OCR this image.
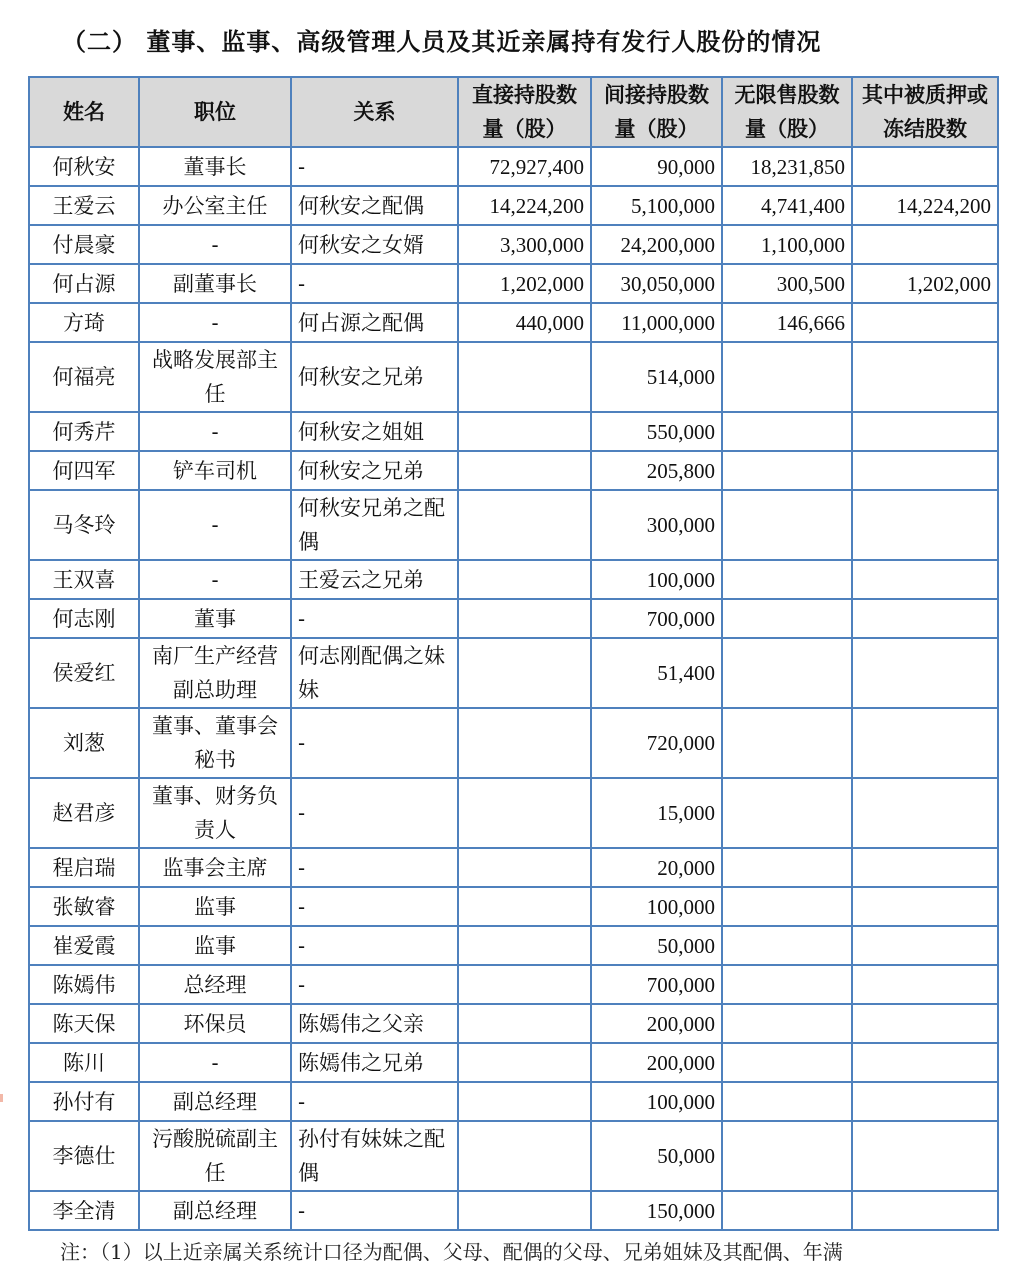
（二） 董事、监事、高级管理人员及其近亲属持有发行人股份的情况
姓名	职位	关系	直接持股数量（股）	间接持股数量（股）	无限售股数量（股）	其中被质押或冻结股数
何秋安	董事长	-	72,927,400	90,000	18,231,850	
王爱云	办公室主任	何秋安之配偶	14,224,200	5,100,000	4,741,400	14,224,200
付晨豪	-	何秋安之女婿	3,300,000	24,200,000	1,100,000	
何占源	副董事长	-	1,202,000	30,050,000	300,500	1,202,000
方琦	-	何占源之配偶	440,000	11,000,000	146,666	
何福亮	战略发展部主任	何秋安之兄弟		514,000		
何秀芹	-	何秋安之姐姐		550,000		
何四军	铲车司机	何秋安之兄弟		205,800		
马冬玲	-	何秋安兄弟之配偶		300,000		
王双喜	-	王爱云之兄弟		100,000		
何志刚	董事	-		700,000		
侯爱红	南厂生产经营副总助理	何志刚配偶之妹妹		51,400		
刘葱	董事、董事会秘书	-		720,000		
赵君彦	董事、财务负责人	-		15,000		
程启瑞	监事会主席	-		20,000		
张敏睿	监事	-		100,000		
崔爱霞	监事	-		50,000		
陈嫣伟	总经理	-		700,000		
陈天保	环保员	陈嫣伟之父亲		200,000		
陈川	-	陈嫣伟之兄弟		200,000		
孙付有	副总经理	-		100,000		
李德仕	污酸脱硫副主任	孙付有妹妹之配偶		50,000		
李全清	副总经理	-		150,000		
注：（1）以上近亲属关系统计口径为配偶、父母、配偶的父母、兄弟姐妹及其配偶、年满
